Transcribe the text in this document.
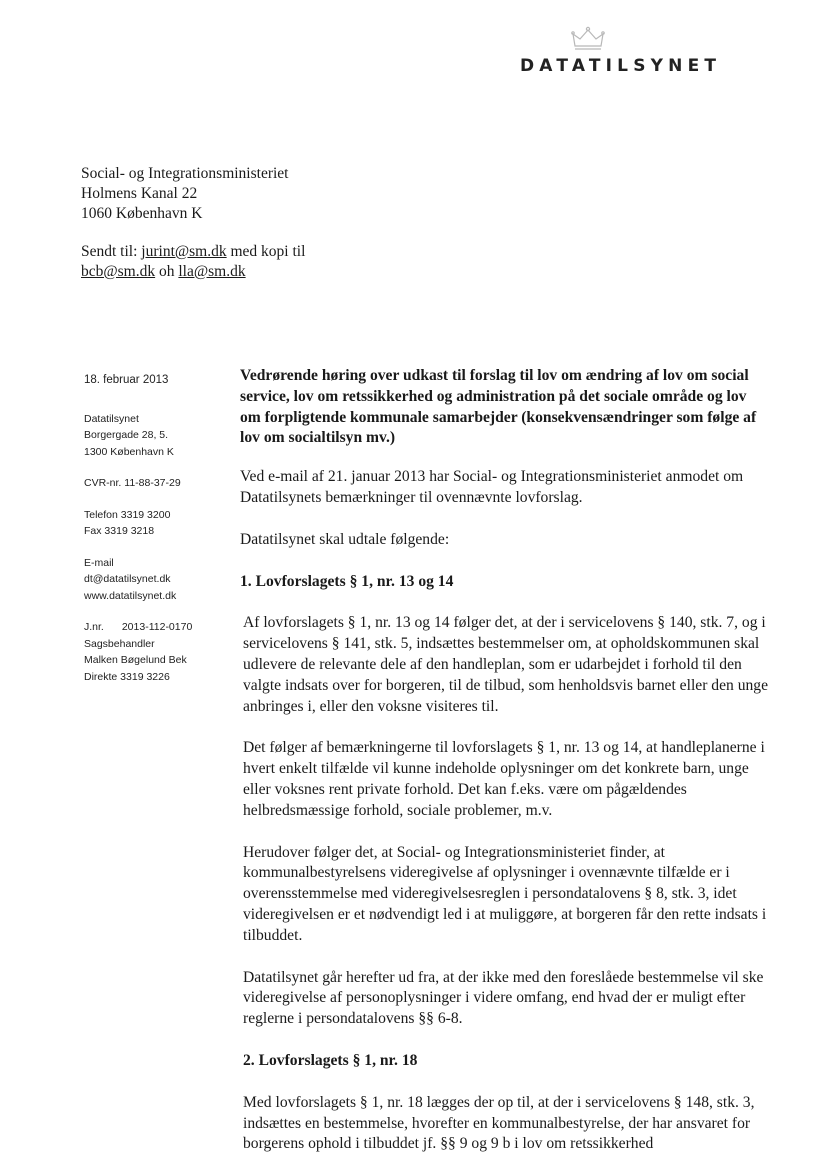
DATATILSYNET
Social- og Integrationsministeriet
Holmens Kanal 22
1060 København K
Sendt til: jurint@sm.dk med kopi til
bcb@sm.dk oh lla@sm.dk
18. februar 2013
Datatilsynet
Borgergade 28, 5.
1300 København K
CVR-nr. 11-88-37-29
Telefon 3319 3200
Fax 3319 3218
E-mail
dt@datatilsynet.dk
www.datatilsynet.dk
J.nr. 2013-112-0170
Sagsbehandler
Malken Bøgelund Bek
Direkte 3319 3226
Vedrørende høring over udkast til forslag til lov om ændring af lov om social service, lov om retssikkerhed og administration på det sociale område og lov om forpligtende kommunale samarbejder (konsekvensændringer som følge af lov om socialtilsyn mv.)

Ved e-mail af 21. januar 2013 har Social- og Integrationsministeriet anmodet om Datatilsynets bemærkninger til ovennævnte lovforslag.

Datatilsynet skal udtale følgende:

1. Lovforslagets § 1, nr. 13 og 14

Af lovforslagets § 1, nr. 13 og 14 følger det, at der i servicelovens § 140, stk. 7, og i servicelovens § 141, stk. 5, indsættes bestemmelser om, at opholdskommunen skal udlevere de relevante dele af den handleplan, som er udarbejdet i forhold til den valgte indsats over for borgeren, til de tilbud, som henholdsvis barnet eller den unge anbringes i, eller den voksne visiteres til.

Det følger af bemærkningerne til lovforslagets § 1, nr. 13 og 14, at handleplanerne i hvert enkelt tilfælde vil kunne indeholde oplysninger om det konkrete barn, unge eller voksnes rent private forhold. Det kan f.eks. være om pågældendes helbredsmæssige forhold, sociale problemer, m.v.

Herudover følger det, at Social- og Integrationsministeriet finder, at kommunalbestyrelsens videregivelse af oplysninger i ovennævnte tilfælde er i overensstemmelse med videregivelsesreglen i persondatalovens § 8, stk. 3, idet videregivelsen er et nødvendigt led i at muliggøre, at borgeren får den rette indsats i tilbuddet.

Datatilsynet går herefter ud fra, at der ikke med den foreslåede bestemmelse vil ske videregivelse af personoplysninger i videre omfang, end hvad der er muligt efter reglerne i persondatalovens §§ 6-8.

2. Lovforslagets § 1, nr. 18

Med lovforslagets § 1, nr. 18 lægges der op til, at der i servicelovens § 148, stk. 3, indsættes en bestemmelse, hvorefter en kommunalbestyrelse, der har ansvaret for borgerens ophold i tilbuddet jf. §§ 9 og 9 b i lov om retssikkerhed
